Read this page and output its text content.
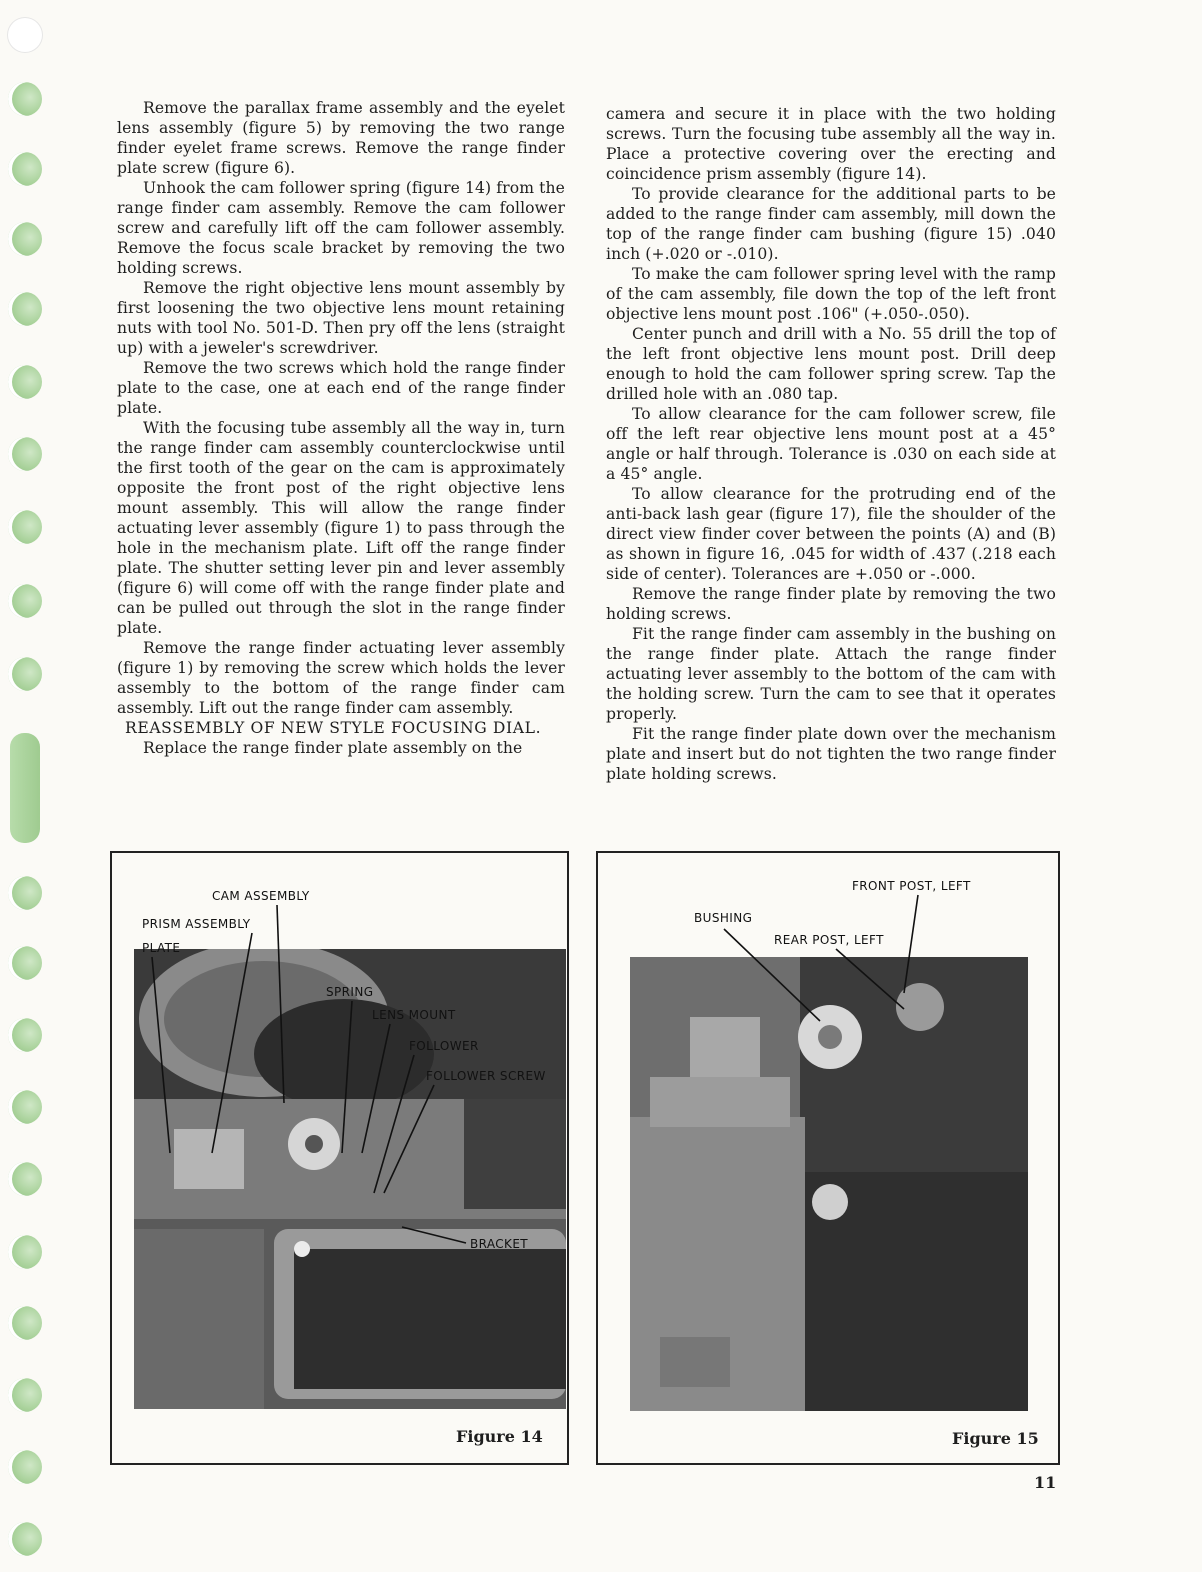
Remove the parallax frame assembly and the eyelet lens assembly (figure 5) by removing the two range finder eyelet frame screws. Remove the range finder plate screw (figure 6).

Unhook the cam follower spring (figure 14) from the range finder cam assembly. Remove the cam follower screw and carefully lift off the cam follower assembly. Remove the focus scale bracket by removing the two holding screws.

Remove the right objective lens mount assembly by first loosening the two objective lens mount retaining nuts with tool No. 501-D. Then pry off the lens (straight up) with a jeweler's screwdriver.

Remove the two screws which hold the range finder plate to the case, one at each end of the range finder plate.

With the focusing tube assembly all the way in, turn the range finder cam assembly counterclockwise until the first tooth of the gear on the cam is approximately opposite the front post of the right objective lens mount assembly. This will allow the range finder actuating lever assembly (figure 1) to pass through the hole in the mechanism plate. Lift off the range finder plate. The shutter setting lever pin and lever assembly (figure 6) will come off with the range finder plate and can be pulled out through the slot in the range finder plate.

Remove the range finder actuating lever assembly (figure 1) by removing the screw which holds the lever assembly to the bottom of the range finder cam assembly. Lift out the range finder cam assembly.

REASSEMBLY OF NEW STYLE FOCUSING DIAL.

Replace the range finder plate assembly on the

camera and secure it in place with the two holding screws. Turn the focusing tube assembly all the way in. Place a protective covering over the erecting and coincidence prism assembly (figure 14).

To provide clearance for the additional parts to be added to the range finder cam assembly, mill down the top of the range finder cam bushing (figure 15) .040 inch (+.020 or -.010).

To make the cam follower spring level with the ramp of the cam assembly, file down the top of the left front objective lens mount post .106" (+.050-.050).

Center punch and drill with a No. 55 drill the top of the left front objective lens mount post. Drill deep enough to hold the cam follower spring screw. Tap the drilled hole with an .080 tap.

To allow clearance for the cam follower screw, file off the left rear objective lens mount post at a 45° angle or half through. Tolerance is .030 on each side at a 45° angle.

To allow clearance for the protruding end of the anti-back lash gear (figure 17), file the shoulder of the direct view finder cover between the points (A) and (B) as shown in figure 16, .045 for width of .437 (.218 each side of center). Tolerances are +.050 or -.000.

Remove the range finder plate by removing the two holding screws.

Fit the range finder cam assembly in the bushing on the range finder plate. Attach the range finder actuating lever assembly to the bottom of the cam with the holding screw. Turn the cam to see that it operates properly.

Fit the range finder plate down over the mechanism plate and insert but do not tighten the two range finder plate holding screws.

CAM ASSEMBLY
PRISM ASSEMBLY
PLATE
SPRING
LENS MOUNT
FOLLOWER
FOLLOWER SCREW
BRACKET
Figure 14
FRONT POST, LEFT
BUSHING
REAR POST, LEFT
Figure 15
11
